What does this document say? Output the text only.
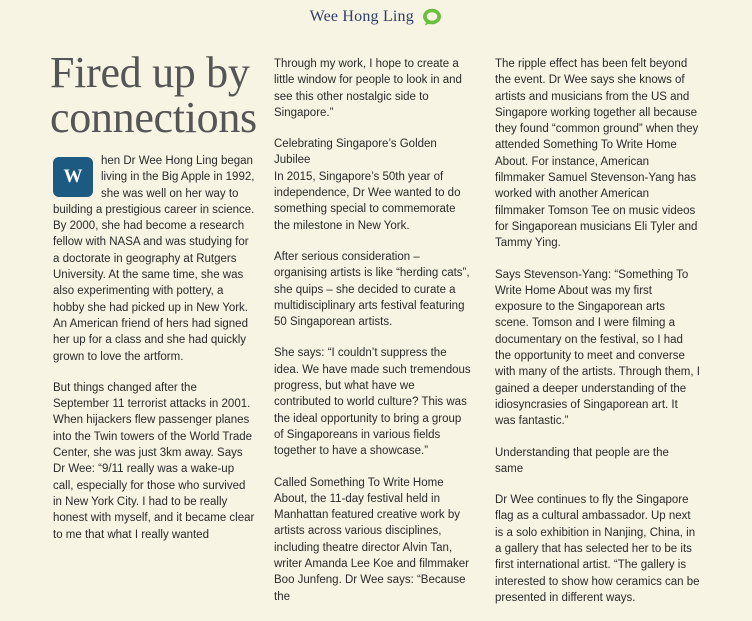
Wee Hong Ling
Fired up by connections

W
hen Dr Wee Hong Ling began living in the Big Apple in 1992, she was well on her way to building a prestigious career in science. By 2000, she had become a research fellow with NASA and was studying for a doctorate in geography at Rutgers University. At the same time, she was also experimenting with pottery, a hobby she had picked up in New York. An American friend of hers had signed her up for a class and she had quickly grown to love the artform.

But things changed after the September 11 terrorist attacks in 2001. When hijackers flew passenger planes into the Twin towers of the World Trade Center, she was just 3km away. Says Dr Wee: “9/11 really was a wake-up call, especially for those who survived in New York City. I had to be really honest with myself, and it became clear to me that what I really wanted

Through my work, I hope to create a little window for people to look in and see this other nostalgic side to Singapore.”

Celebrating Singapore’s Golden Jubilee
In 2015, Singapore’s 50th year of independence, Dr Wee wanted to do something special to commemorate the milestone in New York.

After serious consideration – organising artists is like “herding cats”, she quips – she decided to curate a multidisciplinary arts festival featuring 50 Singaporean artists.

She says: “I couldn’t suppress the idea. We have made such tremendous progress, but what have we contributed to world culture? This was the ideal opportunity to bring a group of Singaporeans in various fields together to have a showcase.”

Called Something To Write Home About, the 11-day festival held in Manhattan featured creative work by artists across various disciplines, including theatre director Alvin Tan, writer Amanda Lee Koe and filmmaker Boo Junfeng. Dr Wee says: “Because the

The ripple effect has been felt beyond the event. Dr Wee says she knows of artists and musicians from the US and Singapore working together all because they found “common ground” when they attended Something To Write Home About. For instance, American filmmaker Samuel Stevenson-Yang has worked with another American filmmaker Tomson Tee on music videos for Singaporean musicians Eli Tyler and Tammy Ying.

Says Stevenson-Yang: “Something To Write Home About was my first exposure to the Singaporean arts scene. Tomson and I were filming a documentary on the festival, so I had the opportunity to meet and converse with many of the artists. Through them, I gained a deeper understanding of the idiosyncrasies of Singaporean art. It was fantastic.”

Understanding that people are the same

Dr Wee continues to fly the Singapore flag as a cultural ambassador. Up next is a solo exhibition in Nanjing, China, in a gallery that has selected her to be its first international artist. “The gallery is interested to show how ceramics can be presented in different ways.
